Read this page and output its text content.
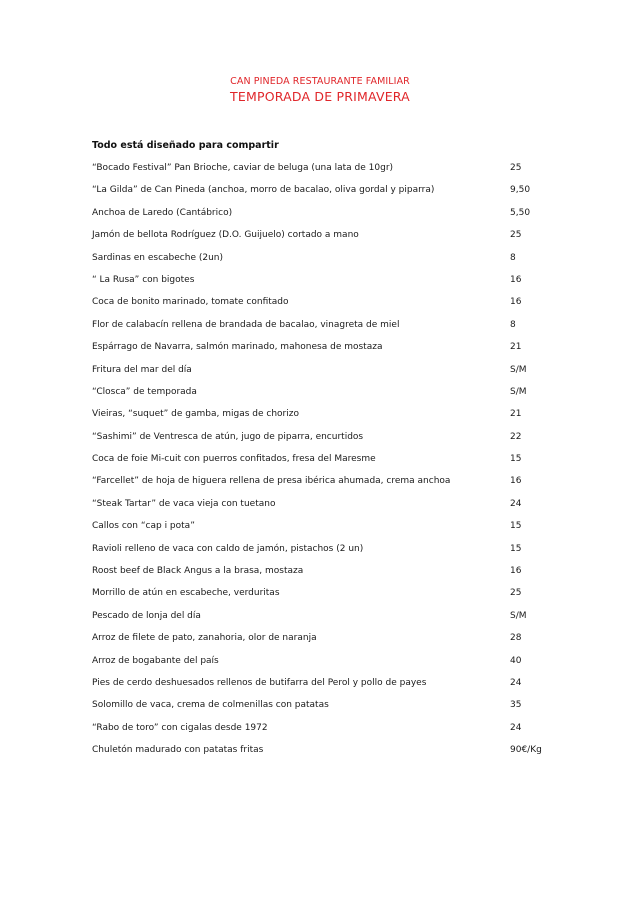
CAN PINEDA RESTAURANTE FAMILIAR
TEMPORADA DE PRIMAVERA
Todo está diseñado para compartir
“Bocado Festival” Pan Brioche, caviar de beluga (una lata de 10gr)	25
“La Gilda” de Can Pineda (anchoa, morro de bacalao, oliva gordal y piparra)	9,50
Anchoa de Laredo (Cantábrico)	5,50
Jamón de bellota Rodríguez (D.O. Guijuelo) cortado a mano	25
Sardinas en escabeche (2un)	8
“ La Rusa” con bigotes	16
Coca de bonito marinado, tomate confitado	16
Flor de calabacín rellena de brandada de bacalao, vinagreta de miel	8
Espárrago de Navarra, salmón marinado, mahonesa de mostaza	21
Fritura del mar del día	S/M
“Closca” de temporada	S/M
Vieiras, “suquet” de gamba, migas de chorizo	21
“Sashimi” de Ventresca de atún, jugo de piparra, encurtidos	22
Coca de foie Mi-cuit con puerros confitados, fresa del Maresme	15
“Farcellet” de hoja de higuera rellena de presa ibérica ahumada, crema anchoa	16
“Steak Tartar” de vaca vieja con tuetano	24
Callos con “cap i pota”	15
Ravioli relleno de vaca con caldo de jamón, pistachos (2 un)	15
Roost beef de Black Angus a la brasa, mostaza	16
Morrillo de atún en escabeche, verduritas	25
Pescado de lonja del día	S/M
Arroz de filete de pato, zanahoria, olor de naranja	28
Arroz de bogabante del país	40
Pies de cerdo deshuesados rellenos de butifarra del Perol y pollo de payes	24
Solomillo de vaca, crema de colmenillas con patatas	35
“Rabo de toro” con cigalas desde 1972	24
Chuletón madurado con patatas fritas	90€/Kg
